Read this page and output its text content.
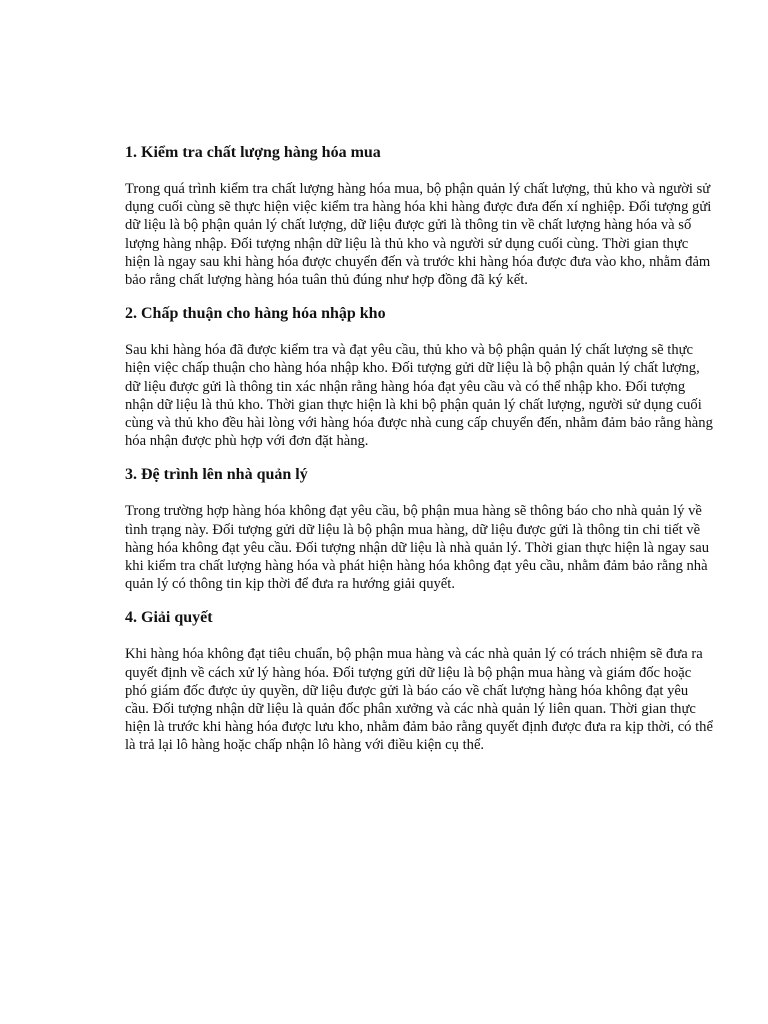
1. Kiểm tra chất lượng hàng hóa mua

Trong quá trình kiểm tra chất lượng hàng hóa mua, bộ phận quản lý chất lượng, thủ kho và người sử dụng cuối cùng sẽ thực hiện việc kiểm tra hàng hóa khi hàng được đưa đến xí nghiệp. Đối tượng gửi dữ liệu là bộ phận quản lý chất lượng, dữ liệu được gửi là thông tin về chất lượng hàng hóa và số lượng hàng nhập. Đối tượng nhận dữ liệu là thủ kho và người sử dụng cuối cùng. Thời gian thực hiện là ngay sau khi hàng hóa được chuyển đến và trước khi hàng hóa được đưa vào kho, nhằm đảm bảo rằng chất lượng hàng hóa tuân thủ đúng như hợp đồng đã ký kết.

2. Chấp thuận cho hàng hóa nhập kho

Sau khi hàng hóa đã được kiểm tra và đạt yêu cầu, thủ kho và bộ phận quản lý chất lượng sẽ thực hiện việc chấp thuận cho hàng hóa nhập kho. Đối tượng gửi dữ liệu là bộ phận quản lý chất lượng, dữ liệu được gửi là thông tin xác nhận rằng hàng hóa đạt yêu cầu và có thể nhập kho. Đối tượng nhận dữ liệu là thủ kho. Thời gian thực hiện là khi bộ phận quản lý chất lượng, người sử dụng cuối cùng và thủ kho đều hài lòng với hàng hóa được nhà cung cấp chuyển đến, nhằm đảm bảo rằng hàng hóa nhận được phù hợp với đơn đặt hàng.

3. Đệ trình lên nhà quản lý

Trong trường hợp hàng hóa không đạt yêu cầu, bộ phận mua hàng sẽ thông báo cho nhà quản lý về tình trạng này. Đối tượng gửi dữ liệu là bộ phận mua hàng, dữ liệu được gửi là thông tin chi tiết về hàng hóa không đạt yêu cầu. Đối tượng nhận dữ liệu là nhà quản lý. Thời gian thực hiện là ngay sau khi kiểm tra chất lượng hàng hóa và phát hiện hàng hóa không đạt yêu cầu, nhằm đảm bảo rằng nhà quản lý có thông tin kịp thời để đưa ra hướng giải quyết.

4. Giải quyết

Khi hàng hóa không đạt tiêu chuẩn, bộ phận mua hàng và các nhà quản lý có trách nhiệm sẽ đưa ra quyết định về cách xử lý hàng hóa. Đối tượng gửi dữ liệu là bộ phận mua hàng và giám đốc hoặc phó giám đốc được ủy quyền, dữ liệu được gửi là báo cáo về chất lượng hàng hóa không đạt yêu cầu. Đối tượng nhận dữ liệu là quản đốc phân xưởng và các nhà quản lý liên quan. Thời gian thực hiện là trước khi hàng hóa được lưu kho, nhằm đảm bảo rằng quyết định được đưa ra kịp thời, có thể là trả lại lô hàng hoặc chấp nhận lô hàng với điều kiện cụ thể.
